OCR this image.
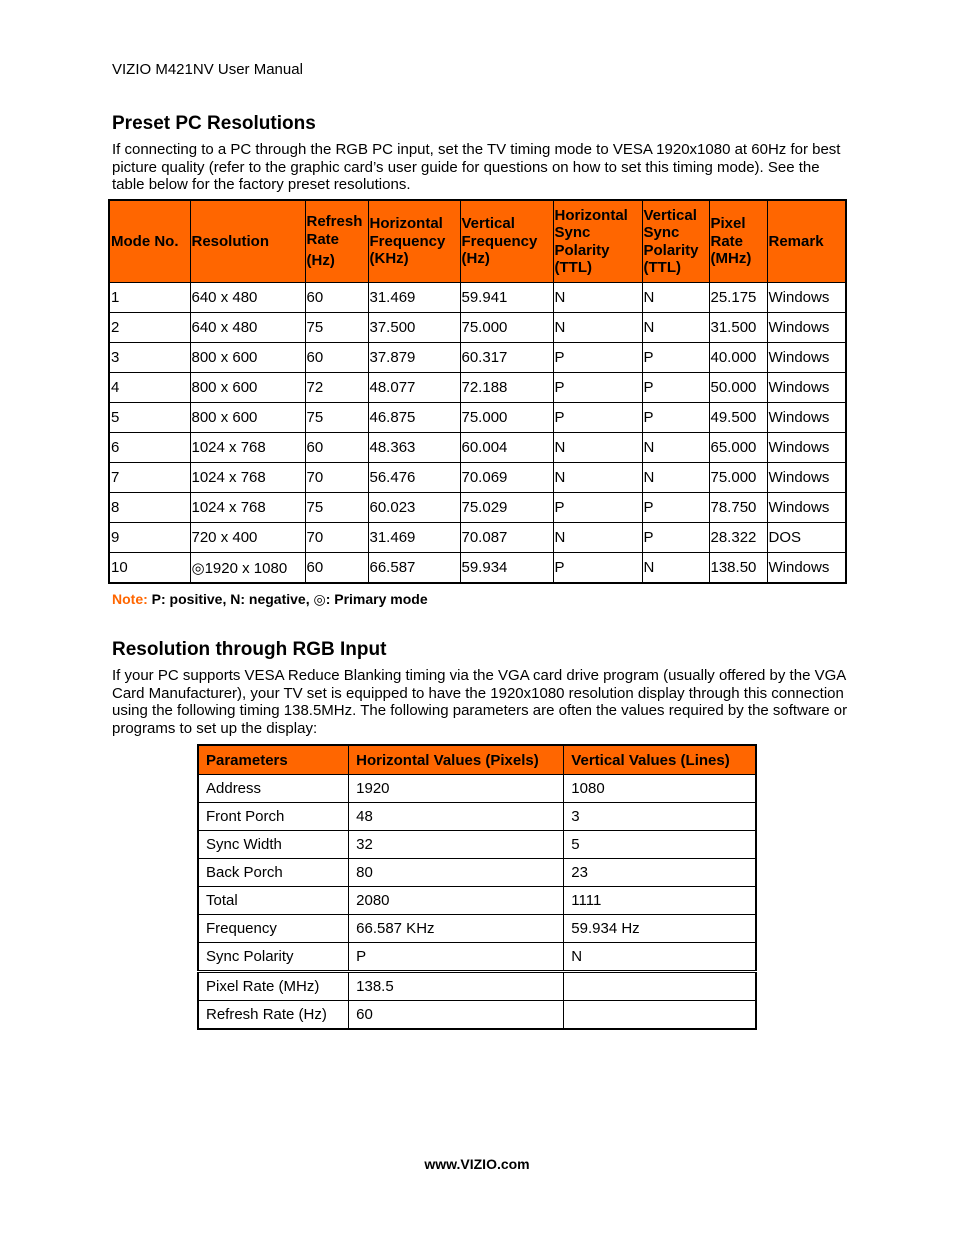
VIZIO M421NV User Manual
Preset PC Resolutions
If connecting to a PC through the RGB PC input, set the TV timing mode to VESA 1920x1080 at 60Hz for best picture quality (refer to the graphic card’s user guide for questions on how to set this timing mode). See the table below for the factory preset resolutions.
Mode No.	Resolution	Refresh
Rate
(Hz)	Horizontal
Frequency
(KHz)	Vertical
Frequency
(Hz)	Horizontal
Sync
Polarity
(TTL)	Vertical
Sync
Polarity
(TTL)	Pixel
Rate
(MHz)	Remark

1	640 x 480	60	31.469	59.941	N	N	25.175	Windows
2	640 x 480	75	37.500	75.000	N	N	31.500	Windows
3	800 x 600	60	37.879	60.317	P	P	40.000	Windows
4	800 x 600	72	48.077	72.188	P	P	50.000	Windows
5	800 x 600	75	46.875	75.000	P	P	49.500	Windows
6	1024 x 768	60	48.363	60.004	N	N	65.000	Windows
7	1024 x 768	70	56.476	70.069	N	N	75.000	Windows
8	1024 x 768	75	60.023	75.029	P	P	78.750	Windows
9	720 x 400	70	31.469	70.087	N	P	28.322	DOS
10	◎1920 x 1080	60	66.587	59.934	P	N	138.50	Windows
Note: P: positive, N: negative, ◎: Primary mode
Resolution through RGB Input
If your PC supports VESA Reduce Blanking timing via the VGA card drive program (usually offered by the VGA Card Manufacturer), your TV set is equipped to have the 1920x1080 resolution display through this connection using the following timing 138.5MHz. The following parameters are often the values required by the software or programs to set up the display:
Parameters	Horizontal Values (Pixels)	Vertical Values (Lines)
Address	1920	1080
Front Porch	48	3
Sync Width	32	5
Back Porch	80	23
Total	2080	1111
Frequency	66.587 KHz	59.934 Hz
Sync Polarity	P	N
Pixel Rate (MHz)	138.5	
Refresh Rate (Hz)	60	
www.VIZIO.com
